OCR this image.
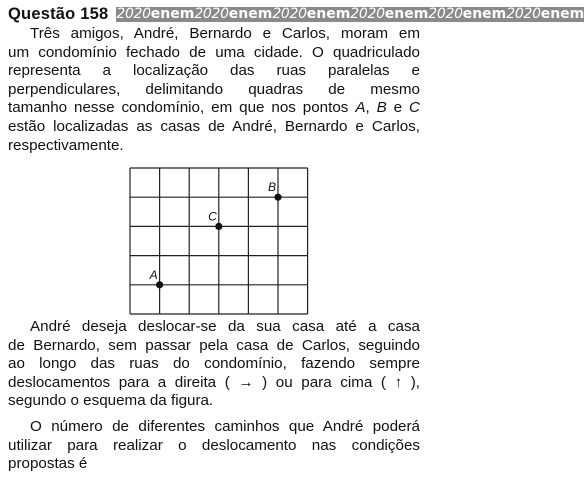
Questão 158 2020enem2020enem2020enem2020enem2020enem2020enem
Três amigos, André, Bernardo e Carlos, moram em
um condomínio fechado de uma cidade. O quadriculado
representa a localização das ruas paralelas e
perpendiculares, delimitando quadras de mesmo
tamanho nesse condomínio, em que nos pontos A, B e C
estão localizadas as casas de André, Bernardo e Carlos,
respectivamente.
A
B
C
André deseja deslocar-se da sua casa até a casa
de Bernardo, sem passar pela casa de Carlos, seguindo
ao longo das ruas do condomínio, fazendo sempre
deslocamentos para a direita ( → ) ou para cima ( ↑ ),
segundo o esquema da figura.
O número de diferentes caminhos que André poderá
utilizar para realizar o deslocamento nas condições
propostas é
